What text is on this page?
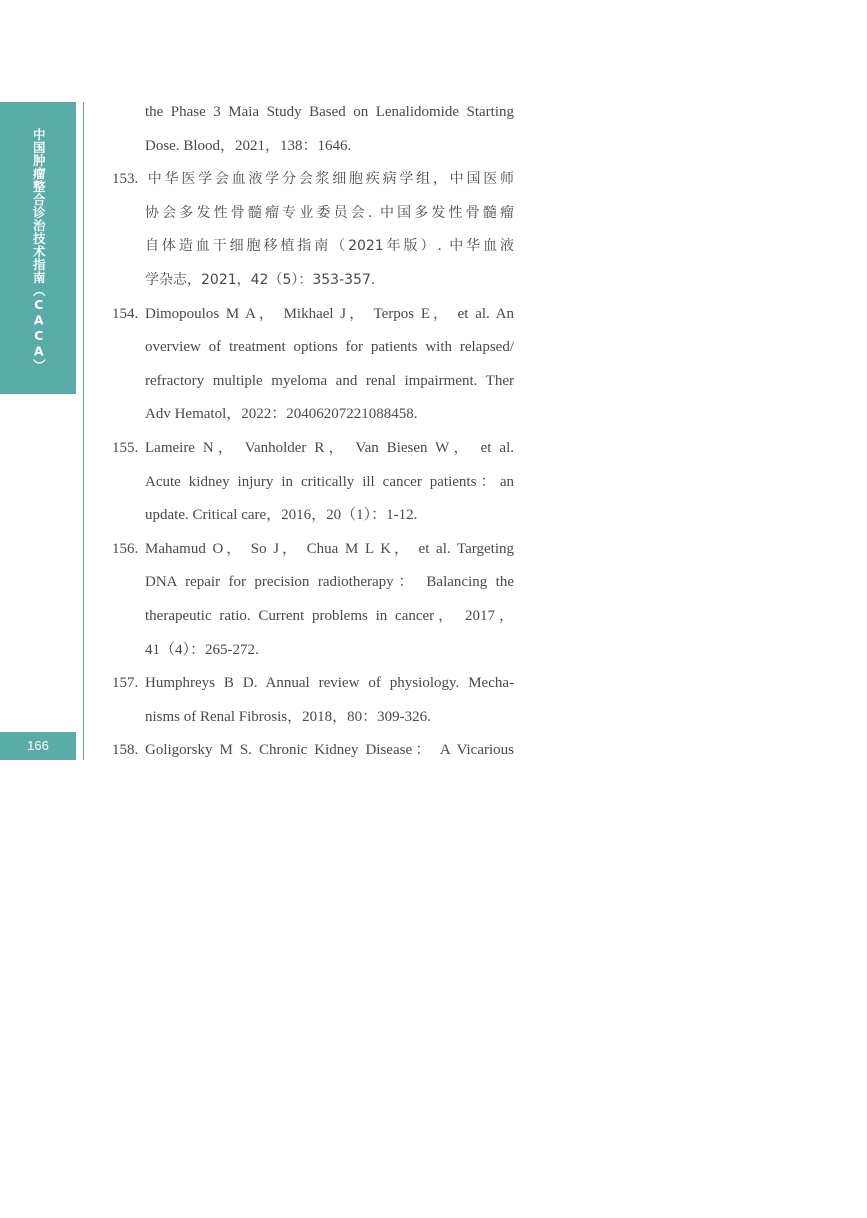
中国肿瘤整合诊治技术指南（CACA）
166
the Phase 3 Maia Study Based on Lenalidomide Starting
Dose. Blood，2021，138：1646.
153. 中华医学会血液学分会浆细胞疾病学组，中国医师
协会多发性骨髓瘤专业委员会. 中国多发性骨髓瘤
自体造血干细胞移植指南（2021年版）. 中华血液
学杂志，2021，42（5）：353-357.
154. Dimopoulos M A， Mikhael J， Terpos E， et al. An
overview of treatment options for patients with relapsed/
refractory multiple myeloma and renal impairment. Ther
Adv Hematol，2022：20406207221088458.
155. Lameire N， Vanholder R， Van Biesen W， et al.
Acute kidney injury in critically ill cancer patients：an
update. Critical care，2016，20（1）：1-12.
156. Mahamud O， So J， Chua M L K， et al. Targeting
DNA repair for precision radiotherapy： Balancing the
therapeutic ratio. Current problems in cancer， 2017，
41（4）：265-272.
157. Humphreys B D. Annual review of physiology. Mecha-
nisms of Renal Fibrosis，2018，80：309-326.
158. Goligorsky M S. Chronic Kidney Disease： A Vicarious
